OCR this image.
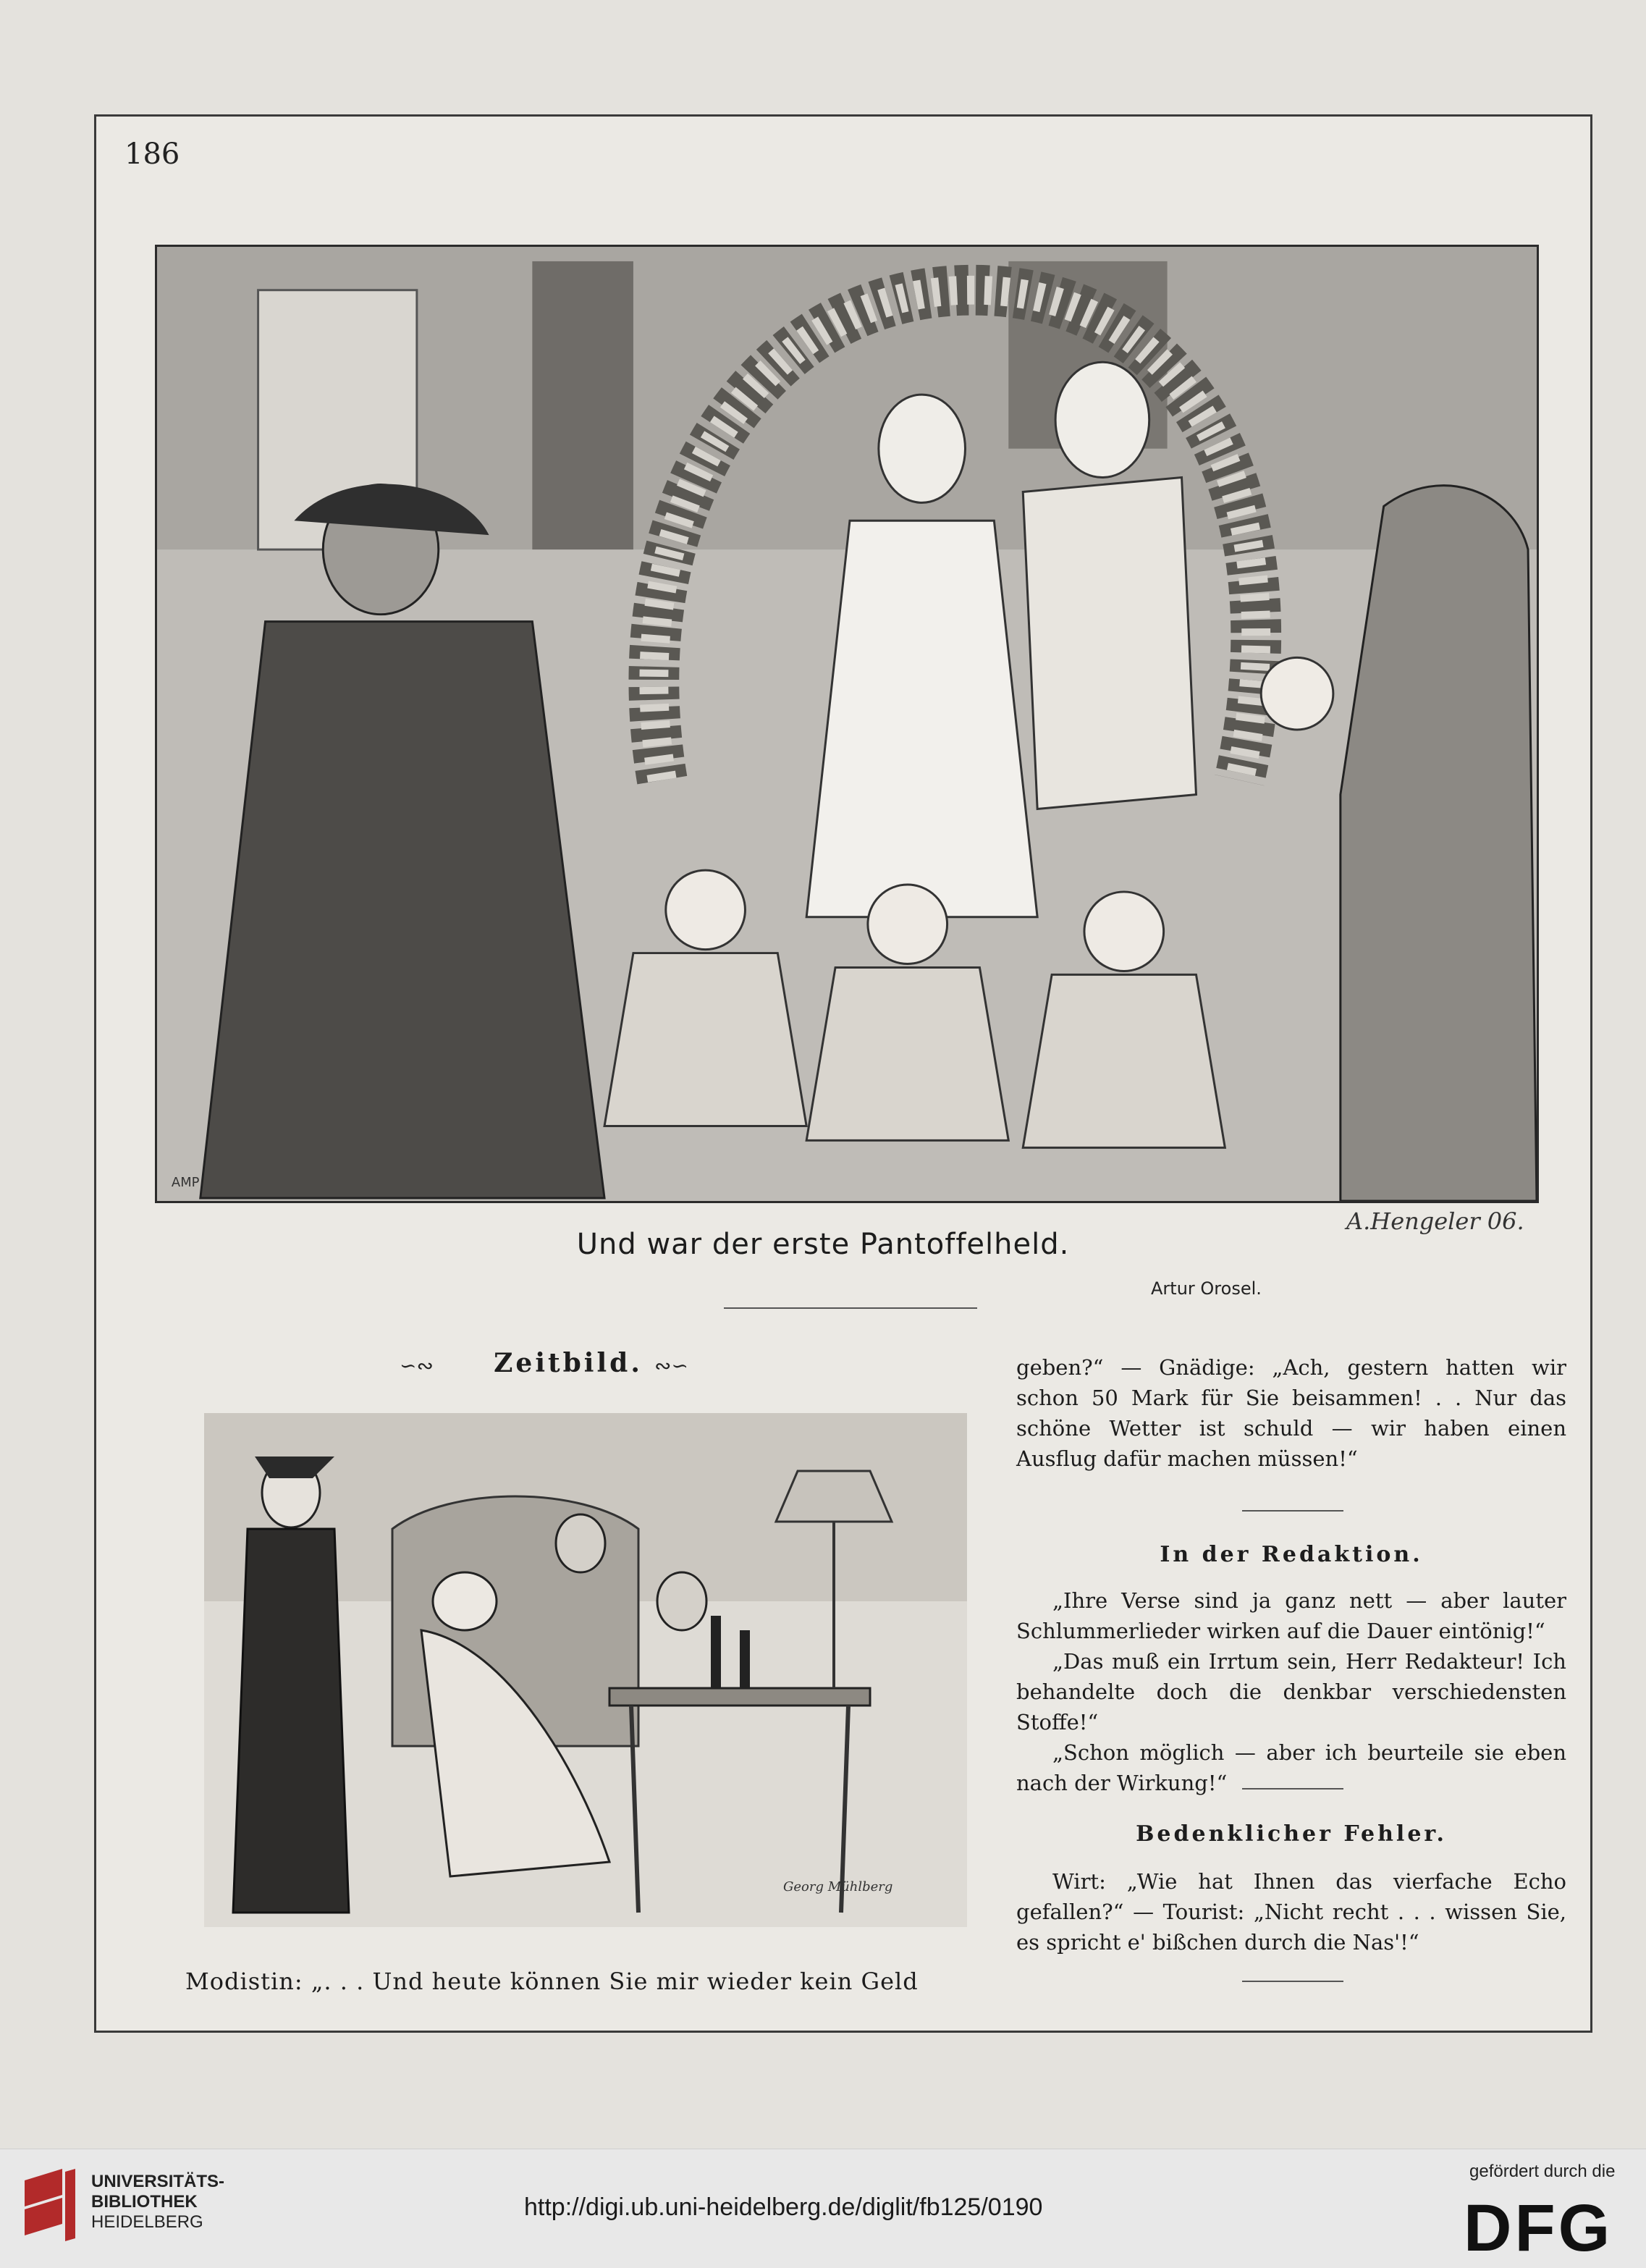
186
AMP
A.Hengeler 06.
Und war der erste Pantoffelheld.
Artur Orosel.
∽∾	Zeitbild. ∾∽
Georg Mühlberg
Modistin: „. . . Und heute können Sie mir wieder kein Geld

geben?“ — Gnädige: „Ach, gestern hatten wir schon 50 Mark für Sie beisammen! . . Nur das schöne Wetter ist schuld — wir haben einen Ausflug dafür machen müssen!“

In der Redaktion.

„Ihre Verse sind ja ganz nett — aber lauter Schlummerlieder wirken auf die Dauer eintönig!“

„Das muß ein Irrtum sein, Herr Redakteur! Ich behandelte doch die denkbar verschiedensten Stoffe!“

„Schon möglich — aber ich beurteile sie eben nach der Wirkung!“

Bedenklicher Fehler.

Wirt: „Wie hat Ihnen das vierfache Echo gefallen?“ — Tourist: „Nicht recht . . . wissen Sie, es spricht e' bißchen durch die Nas'!“

UNIVERSITÄTS-
BIBLIOTHEK
HEIDELBERG
http://digi.ub.uni-heidelberg.de/diglit/fb125/0190
gefördert durch die
DFG
